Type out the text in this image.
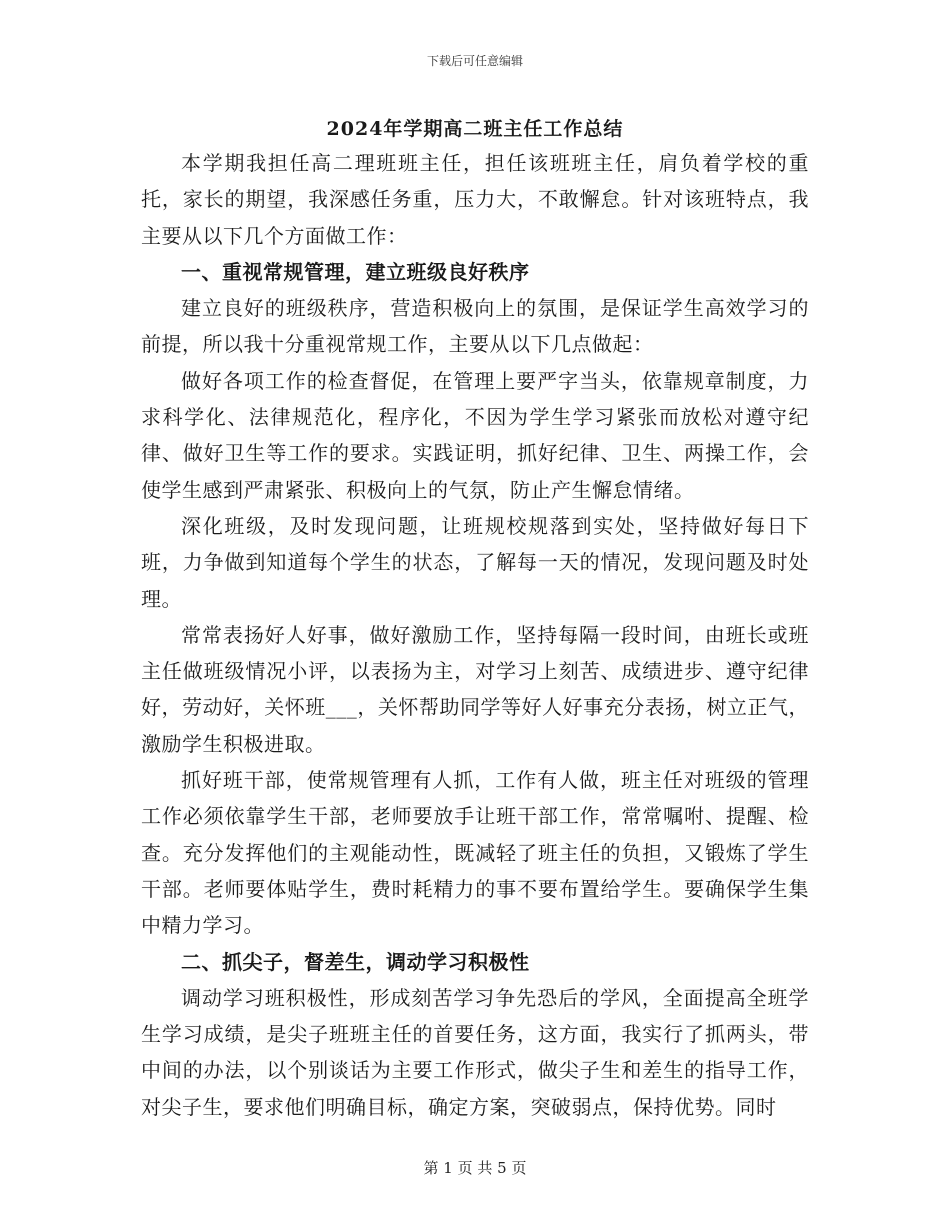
下载后可任意编辑
2024年学期高二班主任工作总结

本学期我担任高二理班班主任，担任该班班主任，肩负着学校的重托，家长的期望，我深感任务重，压力大，不敢懈怠。针对该班特点，我主要从以下几个方面做工作：

一、重视常规管理，建立班级良好秩序

建立良好的班级秩序，营造积极向上的氛围，是保证学生高效学习的前提，所以我十分重视常规工作，主要从以下几点做起：

做好各项工作的检查督促，在管理上要严字当头，依靠规章制度，力求科学化、法律规范化，程序化，不因为学生学习紧张而放松对遵守纪律、做好卫生等工作的要求。实践证明，抓好纪律、卫生、两操工作，会使学生感到严肃紧张、积极向上的气氛，防止产生懈怠情绪。

深化班级，及时发现问题，让班规校规落到实处，坚持做好每日下班，力争做到知道每个学生的状态，了解每一天的情况，发现问题及时处理。

常常表扬好人好事，做好激励工作，坚持每隔一段时间，由班长或班主任做班级情况小评，以表扬为主，对学习上刻苦、成绩进步、遵守纪律好，劳动好，关怀班___，关怀帮助同学等好人好事充分表扬，树立正气，激励学生积极进取。

抓好班干部，使常规管理有人抓，工作有人做，班主任对班级的管理工作必须依靠学生干部，老师要放手让班干部工作，常常嘱咐、提醒、检查。充分发挥他们的主观能动性，既减轻了班主任的负担，又锻炼了学生干部。老师要体贴学生，费时耗精力的事不要布置给学生。要确保学生集中精力学习。

二、抓尖子，督差生，调动学习积极性

调动学习班积极性，形成刻苦学习争先恐后的学风，全面提高全班学生学习成绩，是尖子班班主任的首要任务，这方面，我实行了抓两头，带中间的办法，以个别谈话为主要工作形式，做尖子生和差生的指导工作，对尖子生，要求他们明确目标，确定方案，突破弱点，保持优势。同时

第 1 页 共 5 页
